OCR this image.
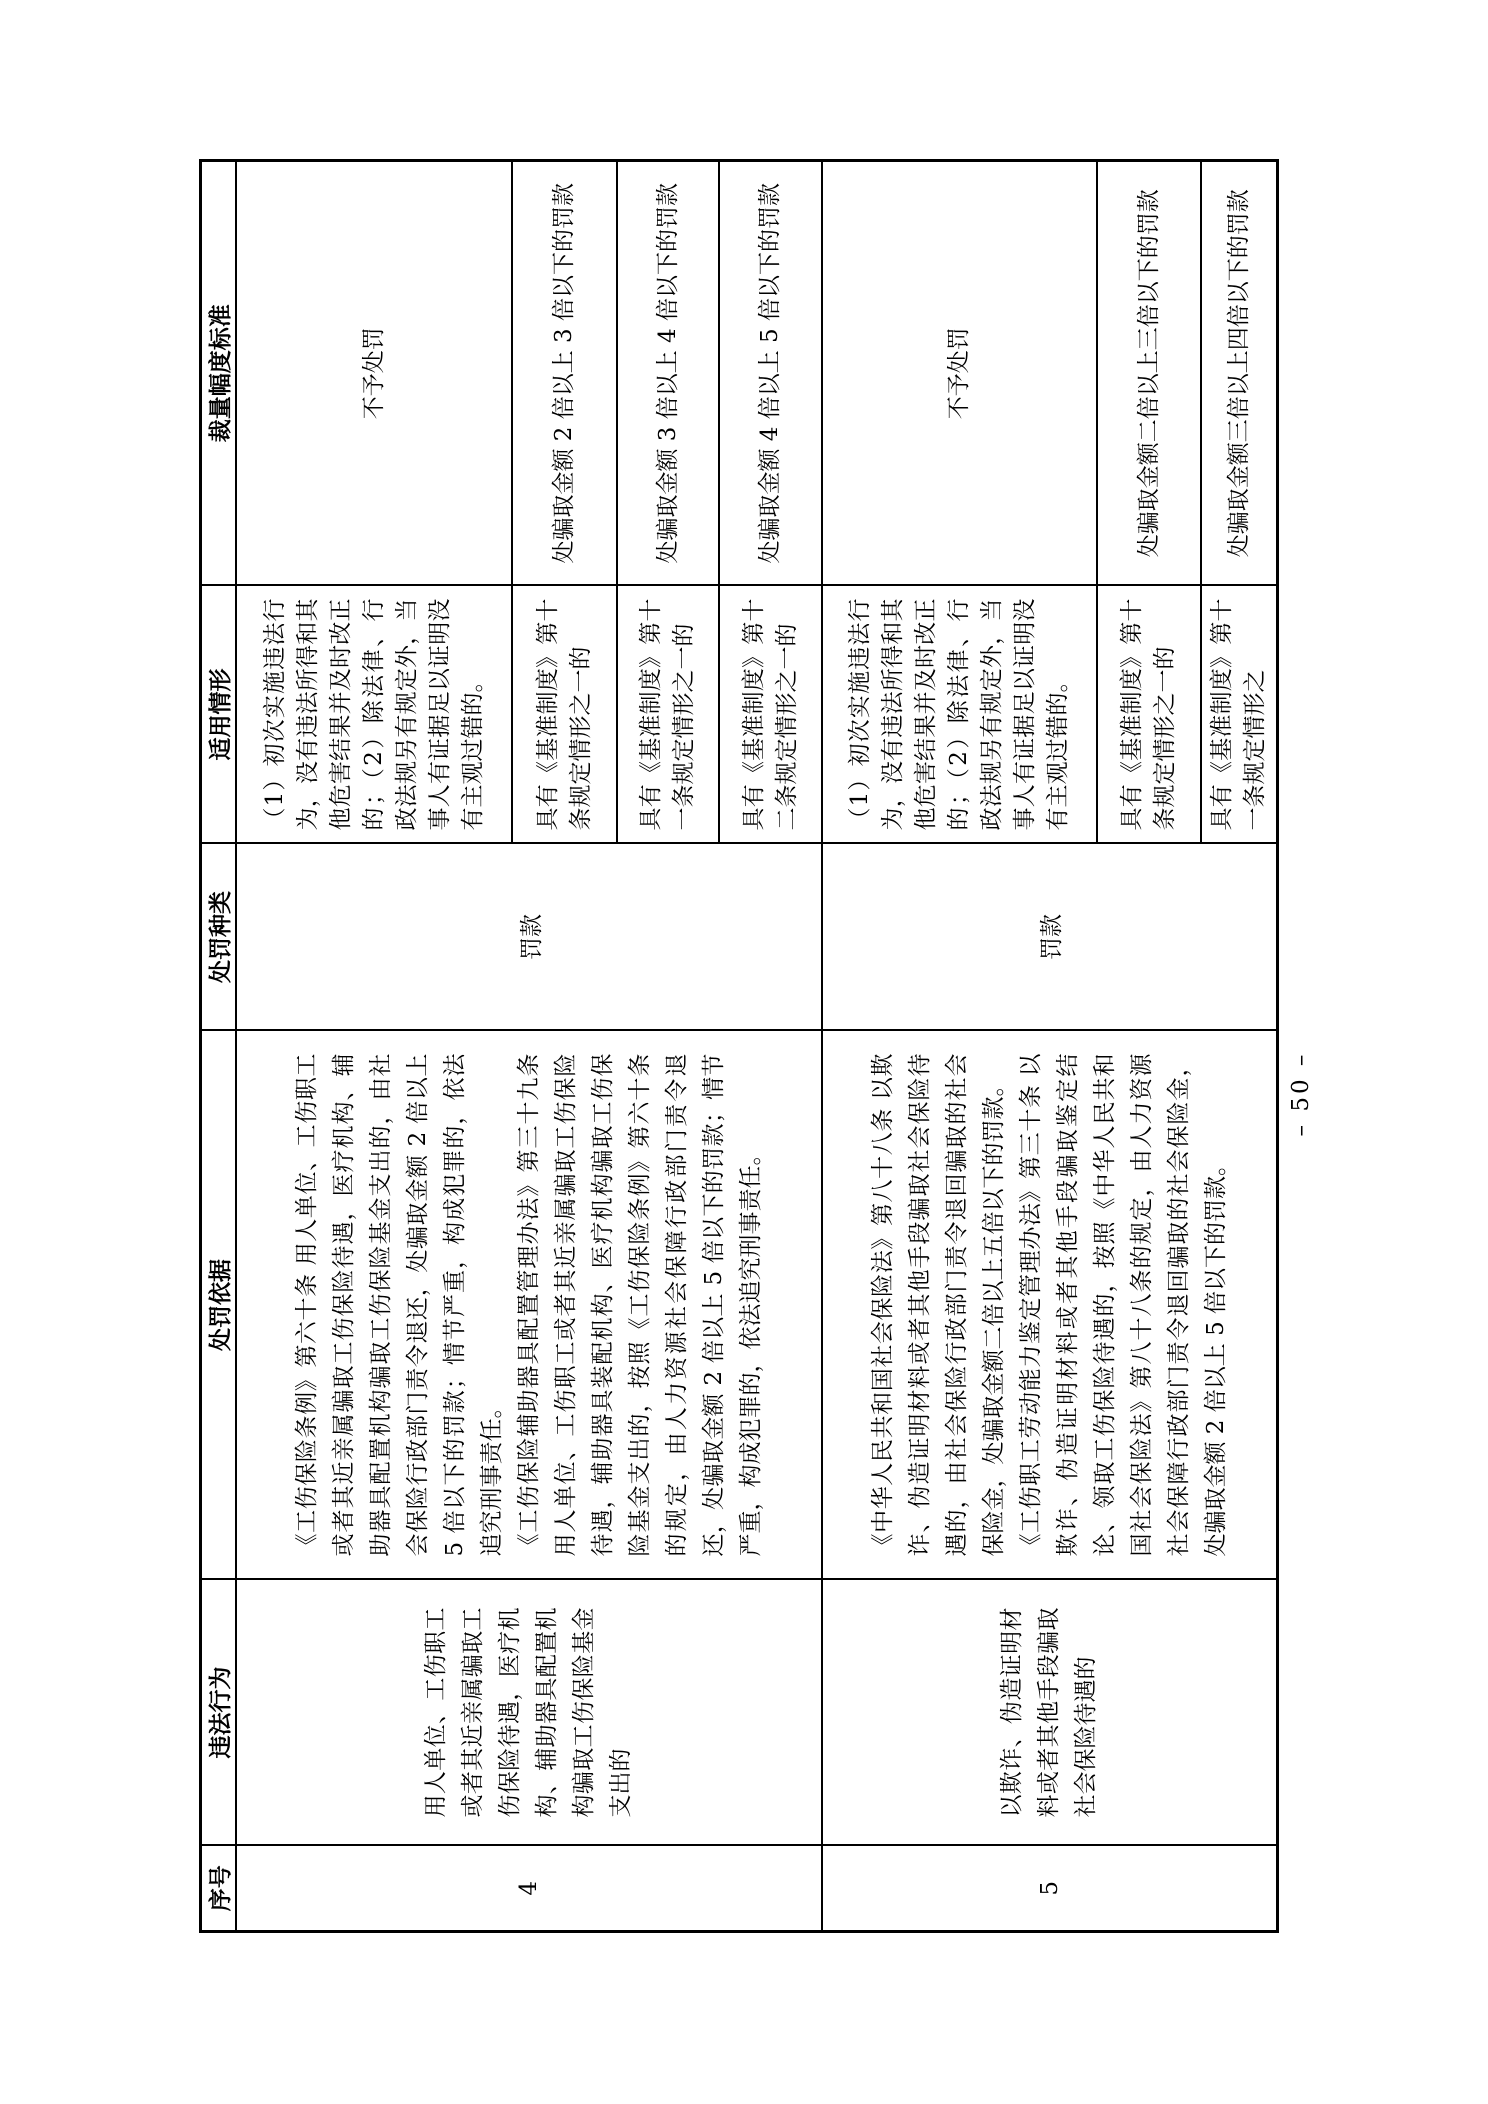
序号	违法行为	处罚依据	处罚种类	适用情形	裁量幅度标准
4	用人单位、工伤职工或者其近亲属骗取工伤保险待遇，医疗机构、辅助器具配置机构骗取工伤保险基金支出的	《工伤保险条例》第六十条 用人单位、工伤职工或者其近亲属骗取工伤保险待遇，医疗机构、辅助器具配置机构骗取工伤保险基金支出的，由社会保险行政部门责令退还，处骗取金额 2 倍以上 5 倍以下的罚款；情节严重，构成犯罪的，依法追究刑事责任。 《工伤保险辅助器具配置管理办法》第三十九条 用人单位、工伤职工或者其近亲属骗取工伤保险待遇，辅助器具装配机构、医疗机构骗取工伤保险基金支出的，按照《工伤保险条例》第六十条的规定，由人力资源社会保障行政部门责令退还，处骗取金额 2 倍以上 5 倍以下的罚款；情节严重，构成犯罪的，依法追究刑事责任。	罚款	（1）初次实施违法行为，没有违法所得和其他危害结果并及时改正的；（2）除法律、行政法规另有规定外，当事人有证据足以证明没有主观过错的。	不予处罚
				具有《基准制度》第十条规定情形之一的	处骗取金额 2 倍以上 3 倍以下的罚款
				具有《基准制度》第十一条规定情形之一的	处骗取金额 3 倍以上 4 倍以下的罚款
				具有《基准制度》第十二条规定情形之一的	处骗取金额 4 倍以上 5 倍以下的罚款
5	以欺诈、伪造证明材料或者其他手段骗取社会保险待遇的	《中华人民共和国社会保险法》第八十八条 以欺诈、伪造证明材料或者其他手段骗取社会保险待遇的，由社会保险行政部门责令退回骗取的社会保险金，处骗取金额二倍以上五倍以下的罚款。 《工伤职工劳动能力鉴定管理办法》第三十条 以欺诈、伪造证明材料或者其他手段骗取鉴定结论、领取工伤保险待遇的，按照《中华人民共和国社会保险法》第八十八条的规定，由人力资源社会保障行政部门责令退回骗取的社会保险金，处骗取金额 2 倍以上 5 倍以下的罚款。	罚款	（1）初次实施违法行为，没有违法所得和其他危害结果并及时改正的；（2）除法律、行政法规另有规定外，当事人有证据足以证明没有主观过错的。	不予处罚
				具有《基准制度》第十条规定情形之一的	处骗取金额二倍以上三倍以下的罚款
				具有《基准制度》第十一条规定情形之	处骗取金额三倍以上四倍以下的罚款
– 50 –
